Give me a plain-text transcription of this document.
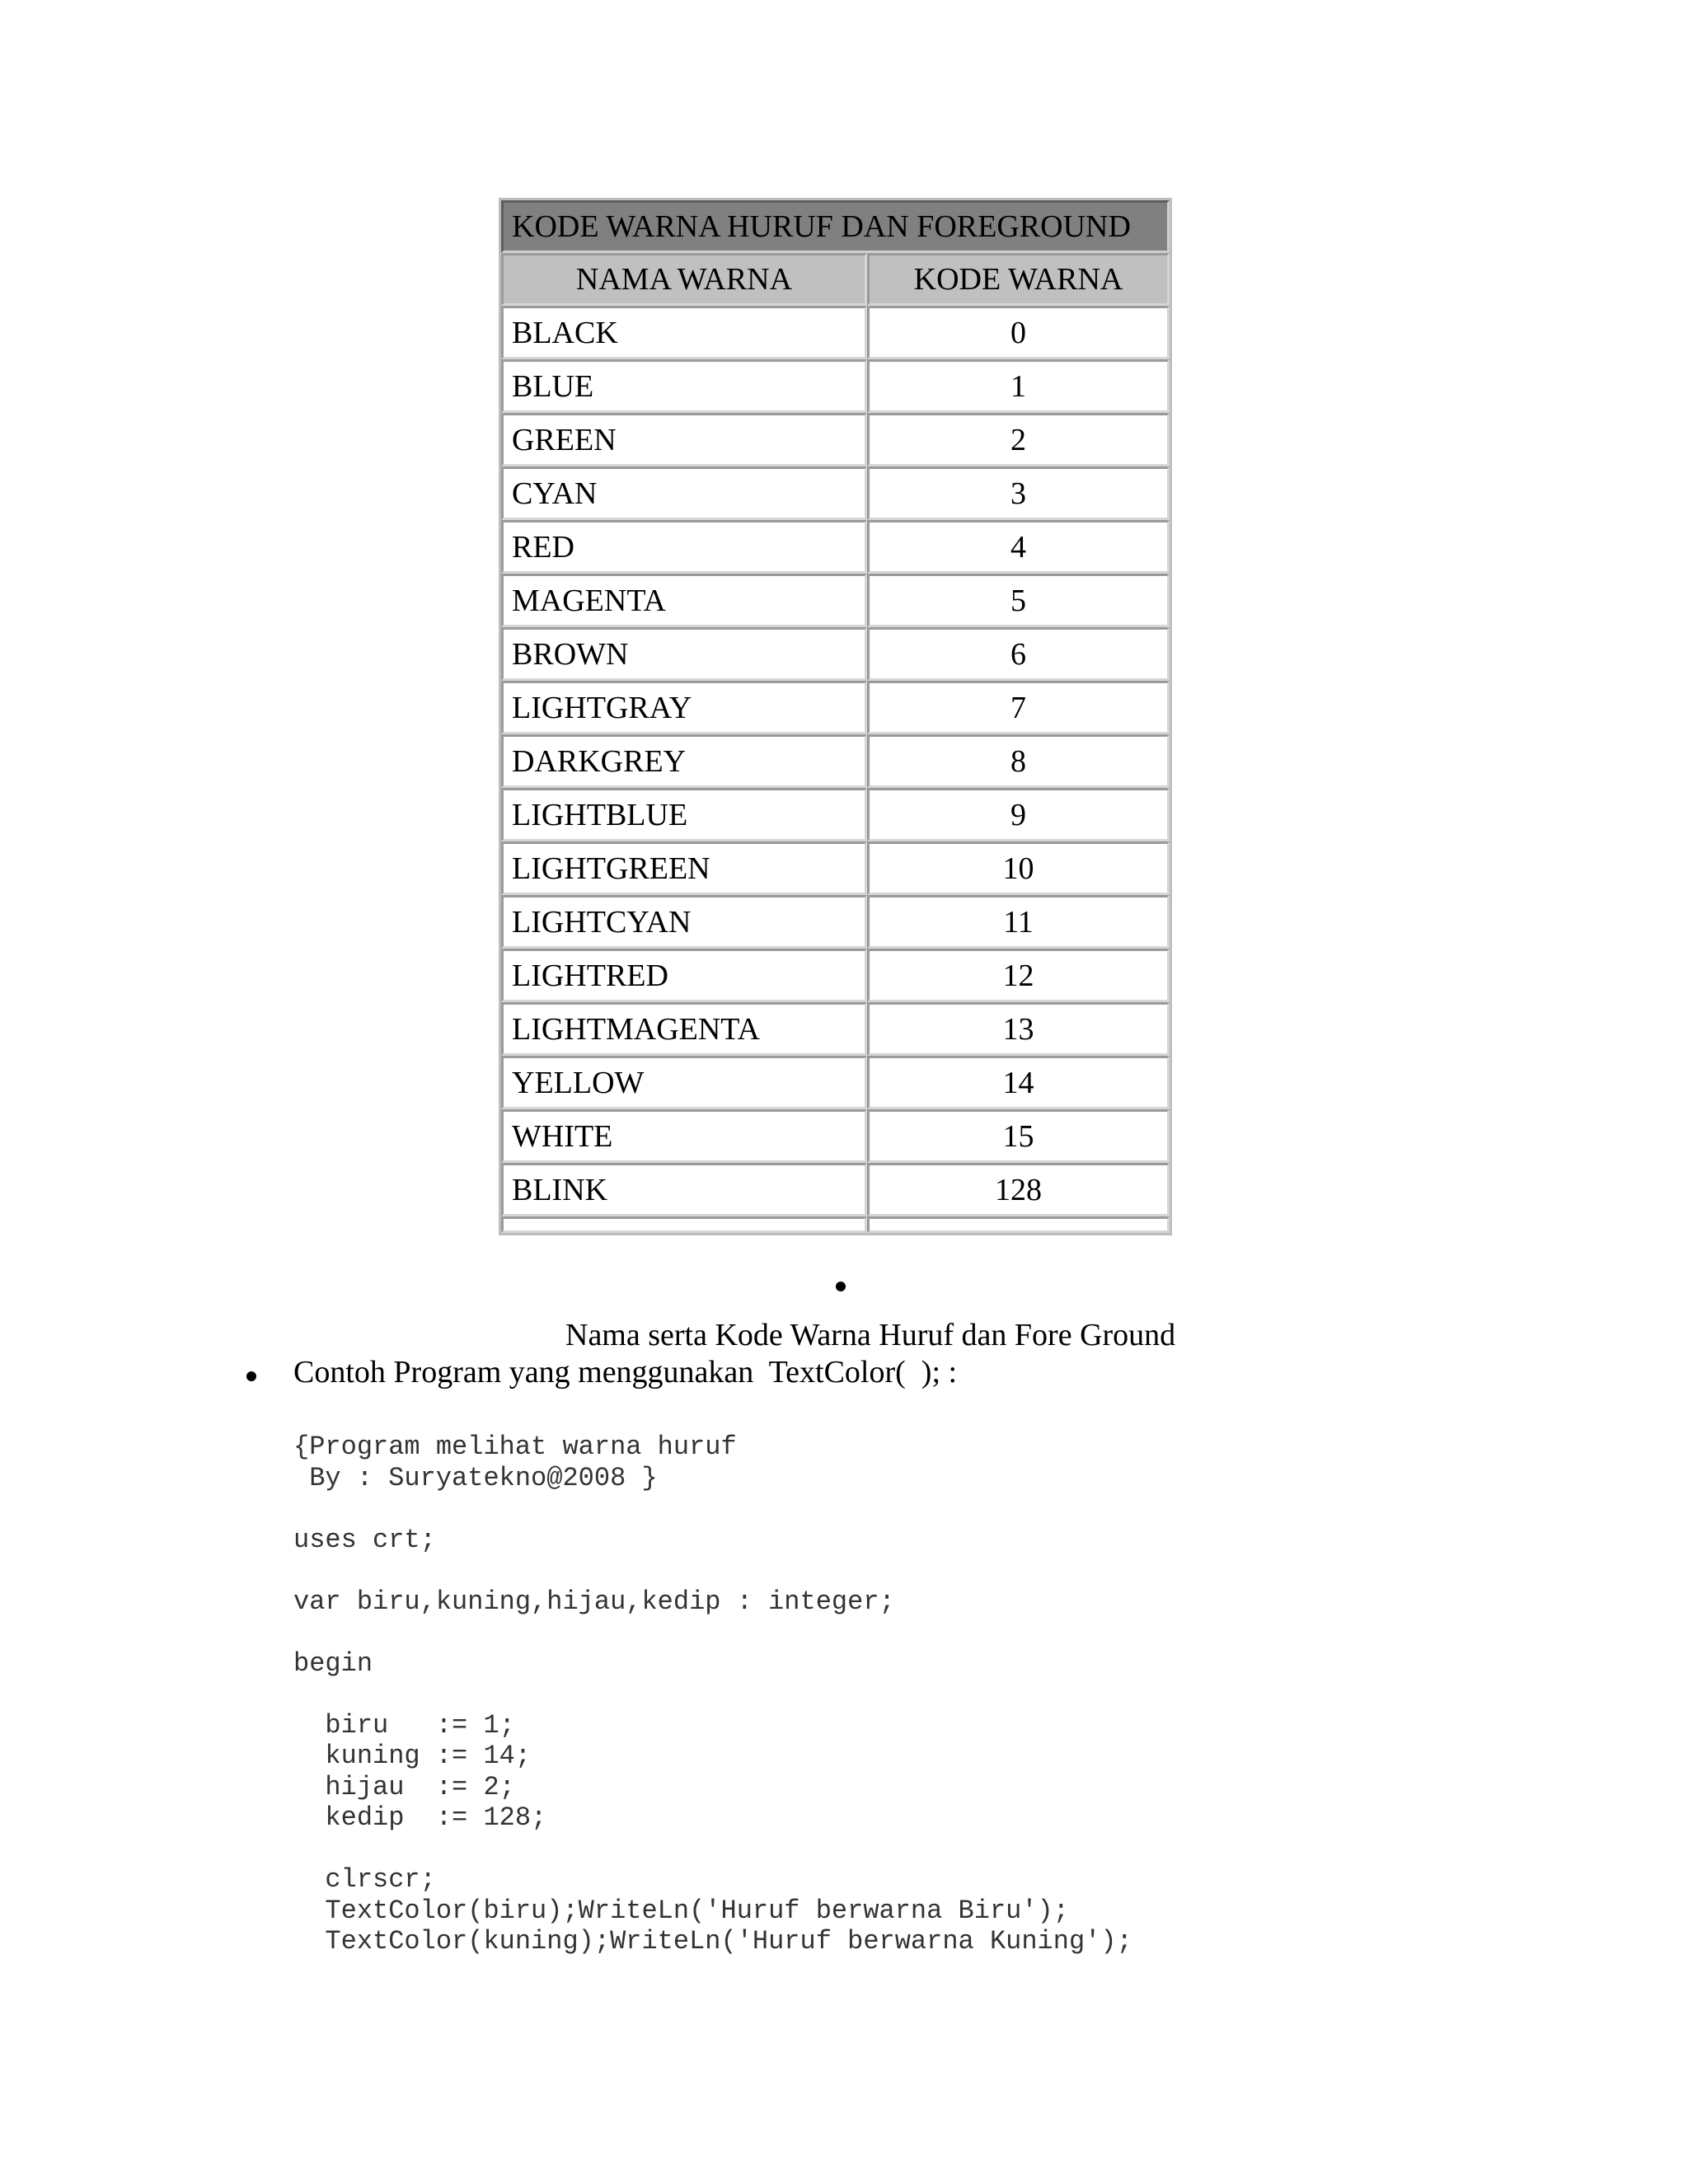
KODE WARNA HURUF DAN FOREGROUND	
NAMA WARNA	KODE WARNA
BLACK	0
BLUE	1
GREEN	2
CYAN	3
RED	4
MAGENTA	5
BROWN	6
LIGHTGRAY	7
DARKGREY	8
LIGHTBLUE	9
LIGHTGREEN	10
LIGHTCYAN	11
LIGHTRED	12
LIGHTMAGENTA	13
YELLOW	14
WHITE	15
BLINK	128

Nama serta Kode Warna Huruf dan Fore Ground
Contoh Program yang menggunakan  TextColor(  ); :
{Program melihat warna huruf
By : Suryatekno@2008 }
uses crt;
var biru,kuning,hijau,kedip : integer;
begin
biru   := 1;
kuning := 14;
hijau  := 2;
kedip  := 128;
clrscr;
TextColor(biru);WriteLn('Huruf berwarna Biru');
TextColor(kuning);WriteLn('Huruf berwarna Kuning');
